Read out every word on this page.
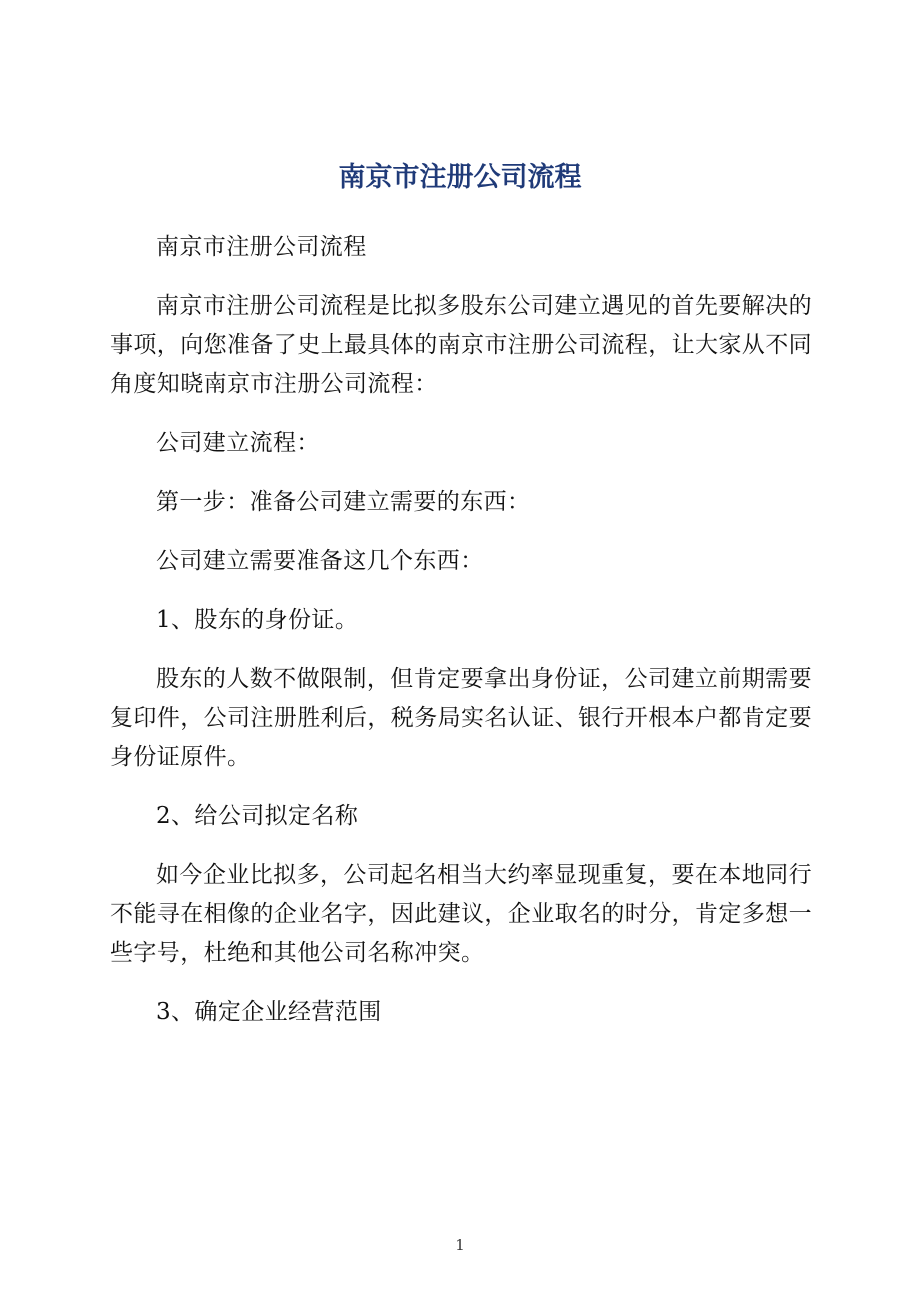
南京市注册公司流程

南京市注册公司流程

南京市注册公司流程是比拟多股东公司建立遇见的首先要解决的事项，向您准备了史上最具体的南京市注册公司流程，让大家从不同角度知晓南京市注册公司流程：

公司建立流程：

第一步：准备公司建立需要的东西：

公司建立需要准备这几个东西：

1、股东的身份证。

股东的人数不做限制，但肯定要拿出身份证，公司建立前期需要复印件，公司注册胜利后，税务局实名认证、银行开根本户都肯定要身份证原件。

2、给公司拟定名称

如今企业比拟多，公司起名相当大约率显现重复，要在本地同行不能寻在相像的企业名字，因此建议，企业取名的时分，肯定多想一些字号，杜绝和其他公司名称冲突。

3、确定企业经营范围

1
